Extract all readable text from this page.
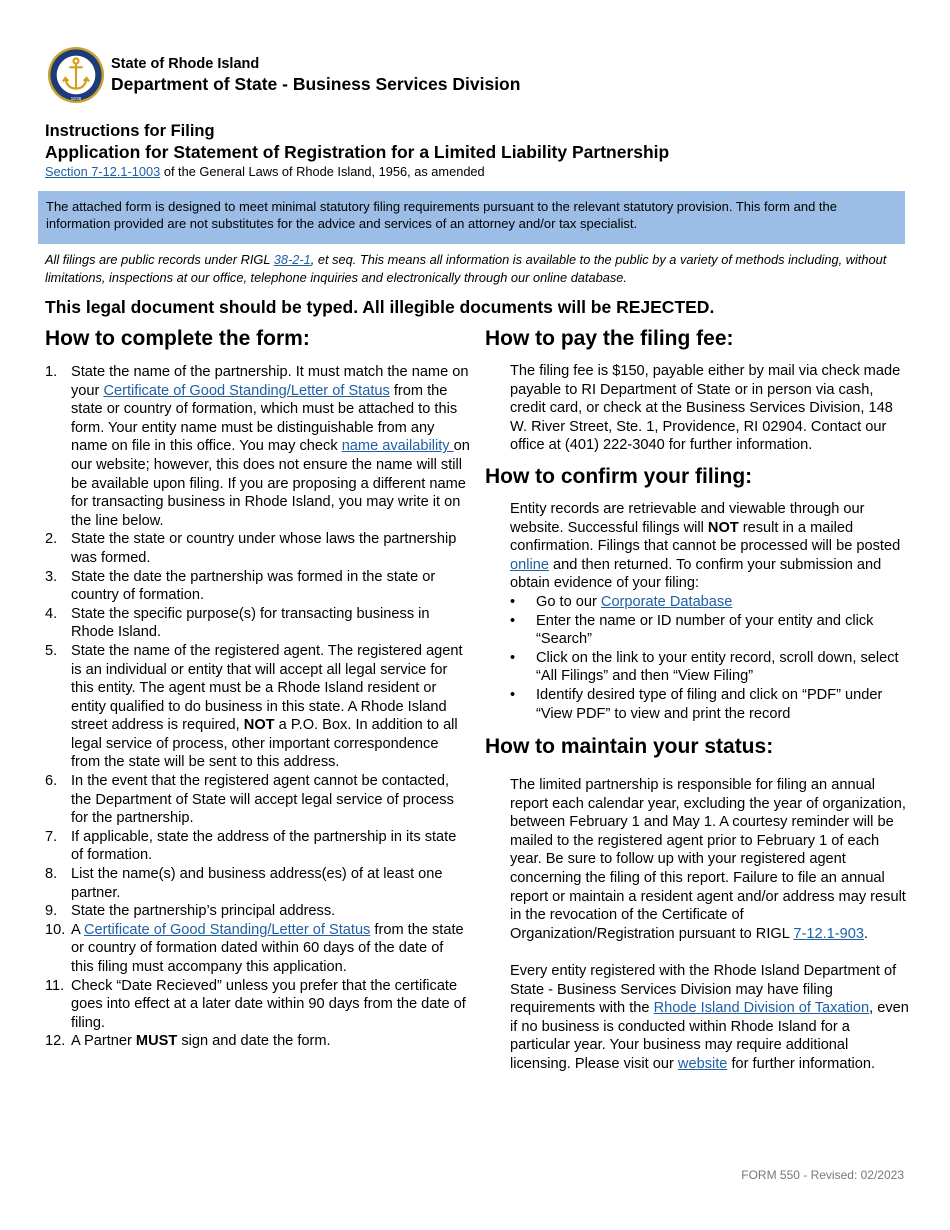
1636
State of Rhode Island
Department of State - Business Services Division
Instructions for Filing
Application for Statement of Registration for a Limited Liability Partnership
Section 7-12.1-1003 of the General Laws of Rhode Island, 1956, as amended
The attached form is designed to meet minimal statutory filing requirements pursuant to the relevant statutory provision. This form and the information provided are not substitutes for the advice and services of an attorney and/or tax specialist.
All filings are public records under RIGL 38-2-1, et seq. This means all information is available to the public by a variety of methods including, without limitations, inspections at our office, telephone inquiries and electronically through our online database.
This legal document should be typed. All illegible documents will be REJECTED.
How to complete the form:
1. State the name of the partnership. It must match the name on your Certificate of Good Standing/Letter of Status from the state or country of formation, which must be attached to this form. Your entity name must be distinguishable from any name on file in this office. You may check name availability on our website; however, this does not ensure the name will still be available upon filing. If you are proposing a different name for transacting business in Rhode Island, you may write it on the line below.
2. State the state or country under whose laws the partnership was formed.
3. State the date the partnership was formed in the state or country of formation.
4. State the specific purpose(s) for transacting business in Rhode Island.
5. State the name of the registered agent. The registered agent is an individual or entity that will accept all legal service for this entity. The agent must be a Rhode Island resident or entity qualified to do business in this state. A Rhode Island street address is required, NOT a P.O. Box. In addition to all legal service of process, other important correspondence from the state will be sent to this address.
6. In the event that the registered agent cannot be contacted, the Department of State will accept legal service of process for the partnership.
7. If applicable, state the address of the partnership in its state of formation.
8. List the name(s) and business address(es) of at least one partner.
9. State the partnership’s principal address.
10. A Certificate of Good Standing/Letter of Status from the state or country of formation dated within 60 days of the date of this filing must accompany this application.
11. Check “Date Recieved” unless you prefer that the certificate goes into effect at a later date within 90 days from the date of filing.
12. A Partner MUST sign and date the form.
How to pay the filing fee:
The filing fee is $150, payable either by mail via check made payable to RI Department of State or in person via cash, credit card, or check at the Business Services Division, 148 W. River Street, Ste. 1, Providence, RI 02904. Contact our office at (401) 222-3040 for further information.
How to confirm your filing:
Entity records are retrievable and viewable through our website. Successful filings will NOT result in a mailed confirmation. Filings that cannot be processed will be posted online and then returned. To confirm your submission and obtain evidence of your filing:
•	Go to our Corporate Database
•	Enter the name or ID number of your entity and click “Search”
•	Click on the link to your entity record, scroll down, select “All Filings” and then “View Filing”
•	Identify desired type of filing and click on “PDF” under “View PDF” to view and print the record
How to maintain your status:

The limited partnership is responsible for filing an annual report each calendar year, excluding the year of organization, between February 1 and May 1. A courtesy reminder will be mailed to the registered agent prior to February 1 of each year. Be sure to follow up with your registered agent concerning the filing of this report. Failure to file an annual report or maintain a resident agent and/or address may result in the revocation of the Certificate of Organization/Registration pursuant to RIGL 7-12.1-903.

Every entity registered with the Rhode Island Department of State - Business Services Division may have filing requirements with the Rhode Island Division of Taxation, even if no business is conducted within Rhode Island for a particular year. Your business may require additional licensing. Please visit our website for further information.

FORM 550 - Revised: 02/2023
